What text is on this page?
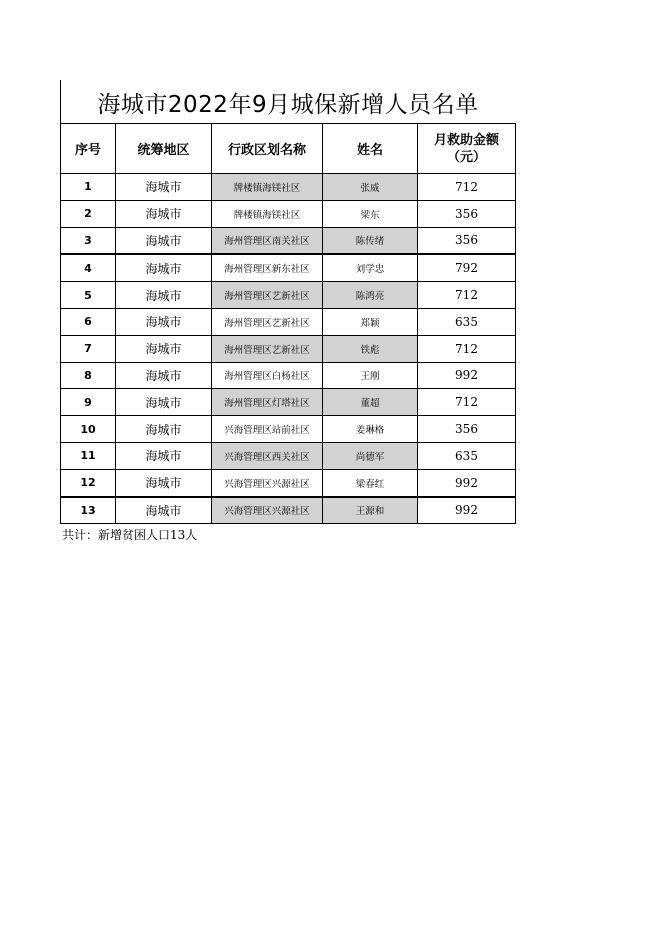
海城市2022年9月城保新增人员名单
序号	统筹地区	行政区划名称	姓名	月救助金额（元）
1	海城市	牌楼镇海镁社区	张威	712
2	海城市	牌楼镇海镁社区	梁东	356
3	海城市	海州管理区南关社区	陈传绪	356
4	海城市	海州管理区新东社区	刘学忠	792
5	海城市	海州管理区艺新社区	陈鸿亮	712
6	海城市	海州管理区艺新社区	郑颖	635
7	海城市	海州管理区艺新社区	铁彪	712
8	海城市	海州管理区白杨社区	王刚	992
9	海城市	海州管理区灯塔社区	董超	712
10	海城市	兴海管理区站前社区	姜琳格	356
11	海城市	兴海管理区西关社区	尚德军	635
12	海城市	兴海管理区兴源社区	梁春红	992
13	海城市	兴海管理区兴源社区	王源和	992
共计：新增贫困人口13人
